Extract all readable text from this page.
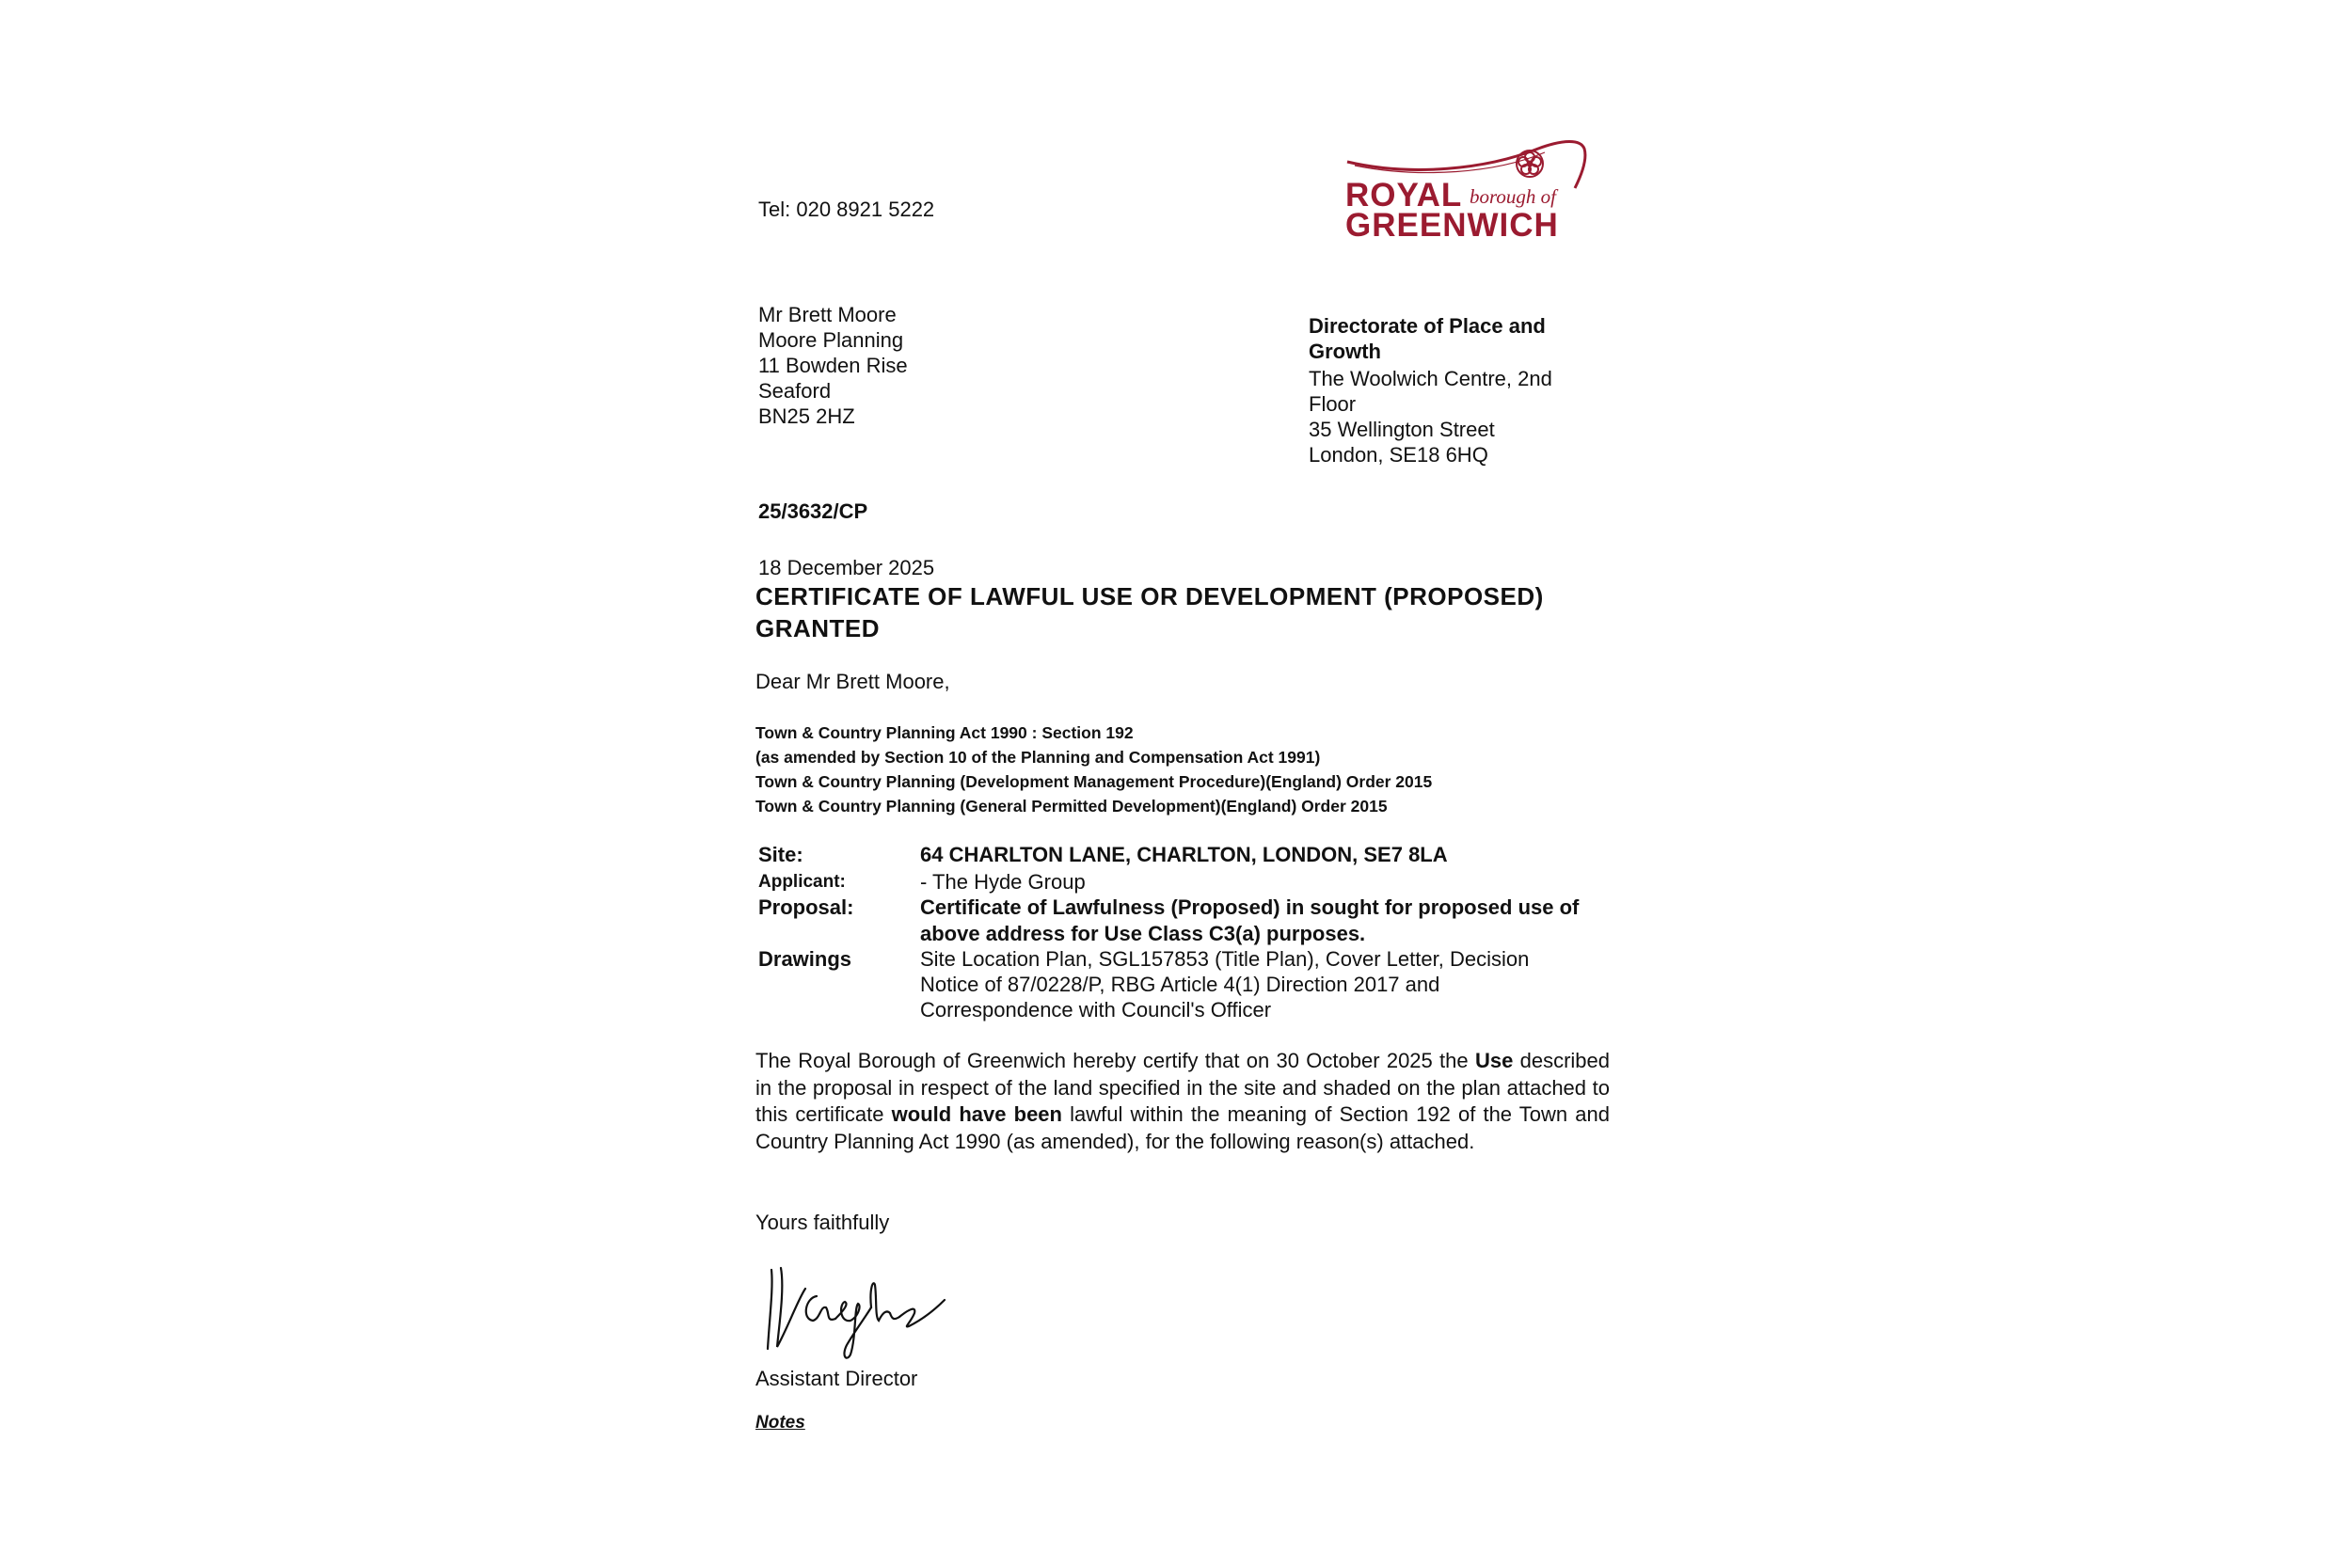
Tel: 020 8921 5222	ROYAL borough of
GREENWICH
Mr Brett Moore
Moore Planning
11 Bowden Rise
Seaford
BN25 2HZ
Directorate of Place and
Growth
The Woolwich Centre, 2nd
Floor
35 Wellington Street
London, SE18 6HQ
25/3632/CP
18 December 2025
CERTIFICATE OF LAWFUL USE OR DEVELOPMENT (PROPOSED)
GRANTED
Dear Mr Brett Moore,
Town & Country Planning Act 1990 : Section 192
(as amended by Section 10 of the Planning and Compensation Act 1991)
Town & Country Planning (Development Management Procedure)(England) Order 2015
Town & Country Planning (General Permitted Development)(England) Order 2015
Site:	64 CHARLTON LANE, CHARLTON, LONDON, SE7 8LA
Applicant:	- The Hyde Group
Proposal:	Certificate of Lawfulness (Proposed) in sought for proposed use of
above address for Use Class C3(a) purposes.
Drawings	Site Location Plan, SGL157853 (Title Plan), Cover Letter, Decision
Notice of 87/0228/P, RBG Article 4(1) Direction 2017 and
Correspondence with Council's Officer
The Royal Borough of Greenwich hereby certify that on 30 October 2025 the Use described in the proposal in respect of the land specified in the site and shaded on the plan attached to this certificate would have been lawful within the meaning of Section 192 of the Town and Country Planning Act 1990 (as amended), for the following reason(s) attached.
Yours faithfully
Assistant Director
Notes
